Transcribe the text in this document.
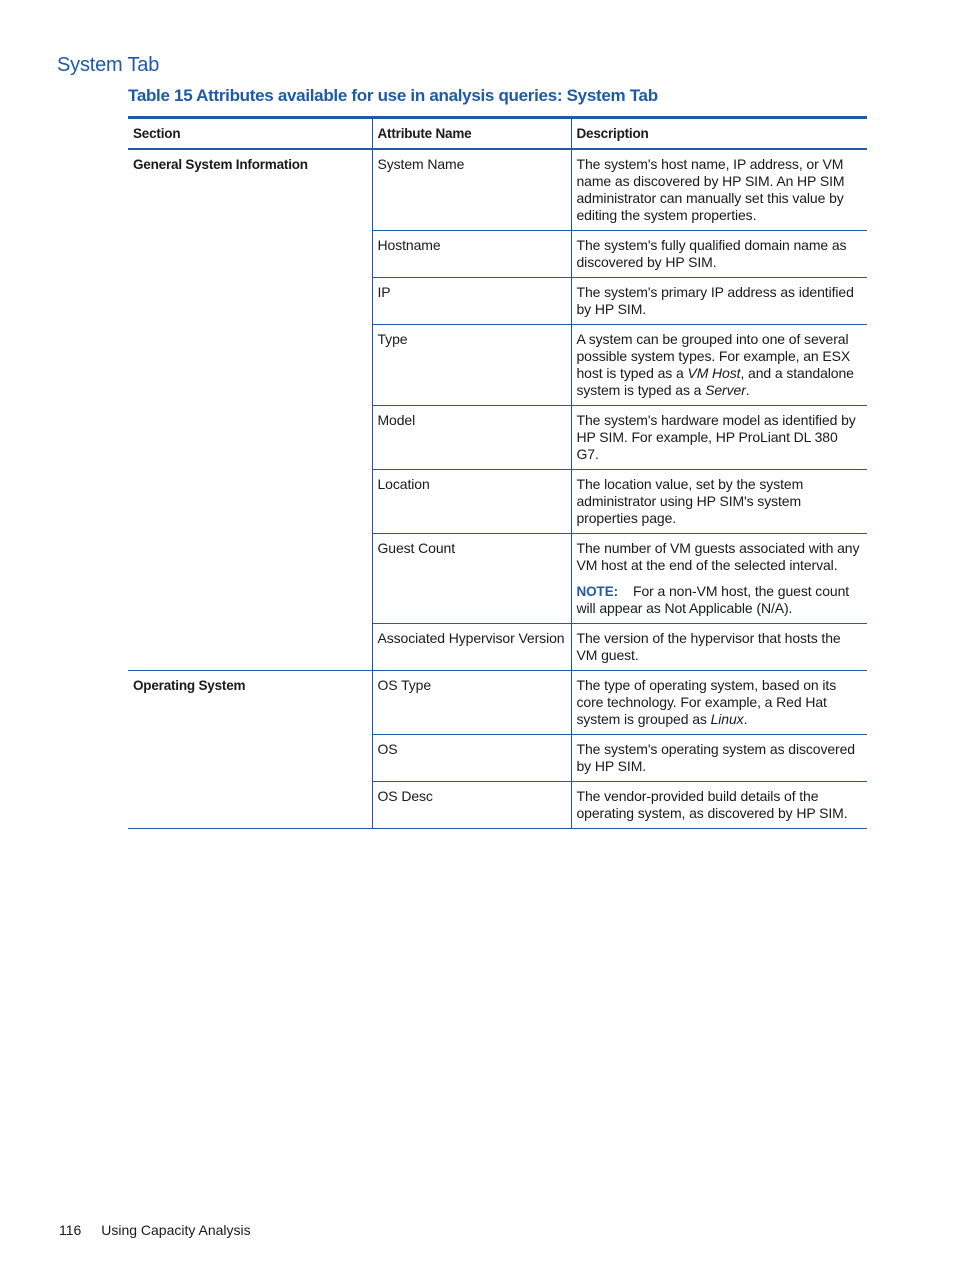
System Tab
Table 15 Attributes available for use in analysis queries: System Tab
Section	Attribute Name	Description
General System Information	System Name	The system's host name, IP address, or VM name as discovered by HP SIM. An HP SIM administrator can manually set this value by editing the system properties.
	Hostname	The system's fully qualified domain name as discovered by HP SIM.
	IP	The system's primary IP address as identified by HP SIM.
	Type	A system can be grouped into one of several possible system types. For example, an ESX host is typed as a VM Host, and a standalone system is typed as a Server.
	Model	The system's hardware model as identified by HP SIM. For example, HP ProLiant DL 380 G7.
	Location	The location value, set by the system administrator using HP SIM's system properties page.
	Guest Count	The number of VM guests associated with any VM host at the end of the selected interval.
NOTE: For a non-VM host, the guest count will appear as Not Applicable (N/A).

	Associated Hypervisor Version	The version of the hypervisor that hosts the VM guest.
Operating System	OS Type	The type of operating system, based on its core technology. For example, a Red Hat system is grouped as Linux.
	OS	The system's operating system as discovered by HP SIM.
	OS Desc	The vendor-provided build details of the operating system, as discovered by HP SIM.
116 Using Capacity Analysis
